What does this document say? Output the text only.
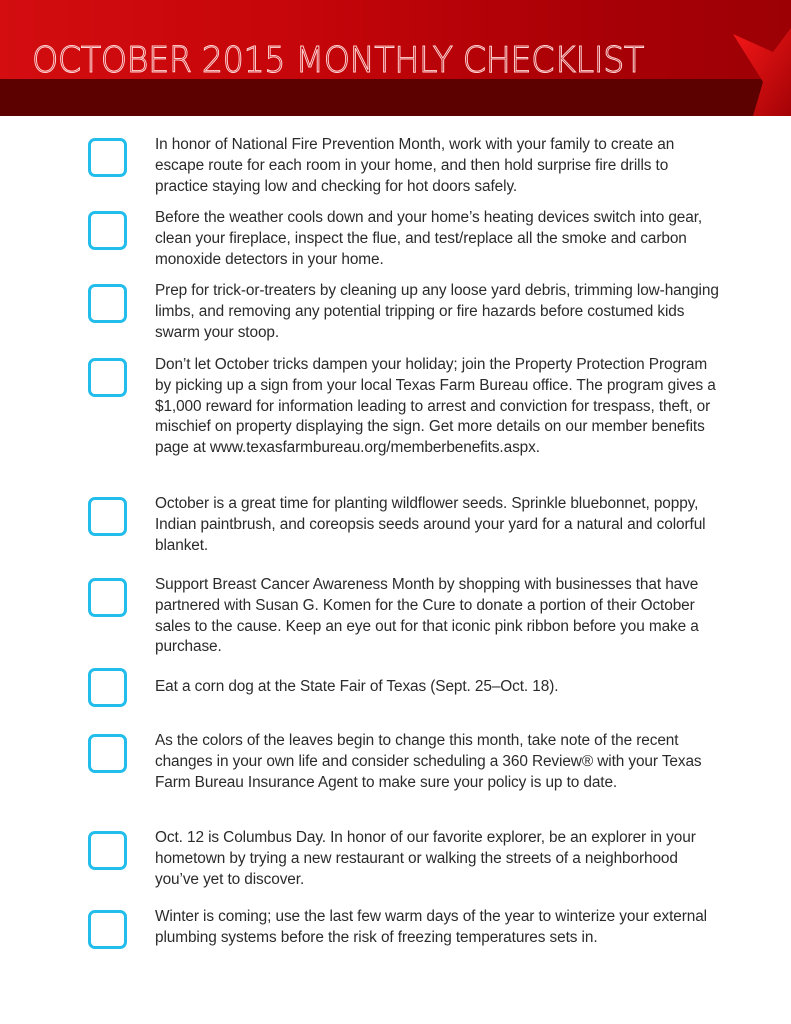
OCTOBER 2015 MONTHLY CHECKLIST
In honor of National Fire Prevention Month, work with your family to create an escape route for each room in your home, and then hold surprise fire drills to practice staying low and checking for hot doors safely.
Before the weather cools down and your home’s heating devices switch into gear, clean your fireplace, inspect the flue, and test/replace all the smoke and carbon monoxide detectors in your home.
Prep for trick-or-treaters by cleaning up any loose yard debris, trimming low-hanging limbs, and removing any potential tripping or fire hazards before costumed kids swarm your stoop.
Don’t let October tricks dampen your holiday; join the Property Protection Program by picking up a sign from your local Texas Farm Bureau office. The program gives a $1,000 reward for information leading to arrest and conviction for trespass, theft, or mischief on property displaying the sign. Get more details on our member benefits page at www.texasfarmbureau.org/memberbenefits.aspx.
October is a great time for planting wildflower seeds. Sprinkle bluebonnet, poppy, Indian paintbrush, and coreopsis seeds around your yard for a natural and colorful blanket.
Support Breast Cancer Awareness Month by shopping with businesses that have partnered with Susan G. Komen for the Cure to donate a portion of their October sales to the cause. Keep an eye out for that iconic pink ribbon before you make a purchase.
Eat a corn dog at the State Fair of Texas (Sept. 25–Oct. 18).
As the colors of the leaves begin to change this month, take note of the recent changes in your own life and consider scheduling a 360 Review® with your Texas Farm Bureau Insurance Agent to make sure your policy is up to date.
Oct. 12 is Columbus Day. In honor of our favorite explorer, be an explorer in your hometown by trying a new restaurant or walking the streets of a neighborhood you’ve yet to discover.
Winter is coming; use the last few warm days of the year to winterize your external plumbing systems before the risk of freezing temperatures sets in.
